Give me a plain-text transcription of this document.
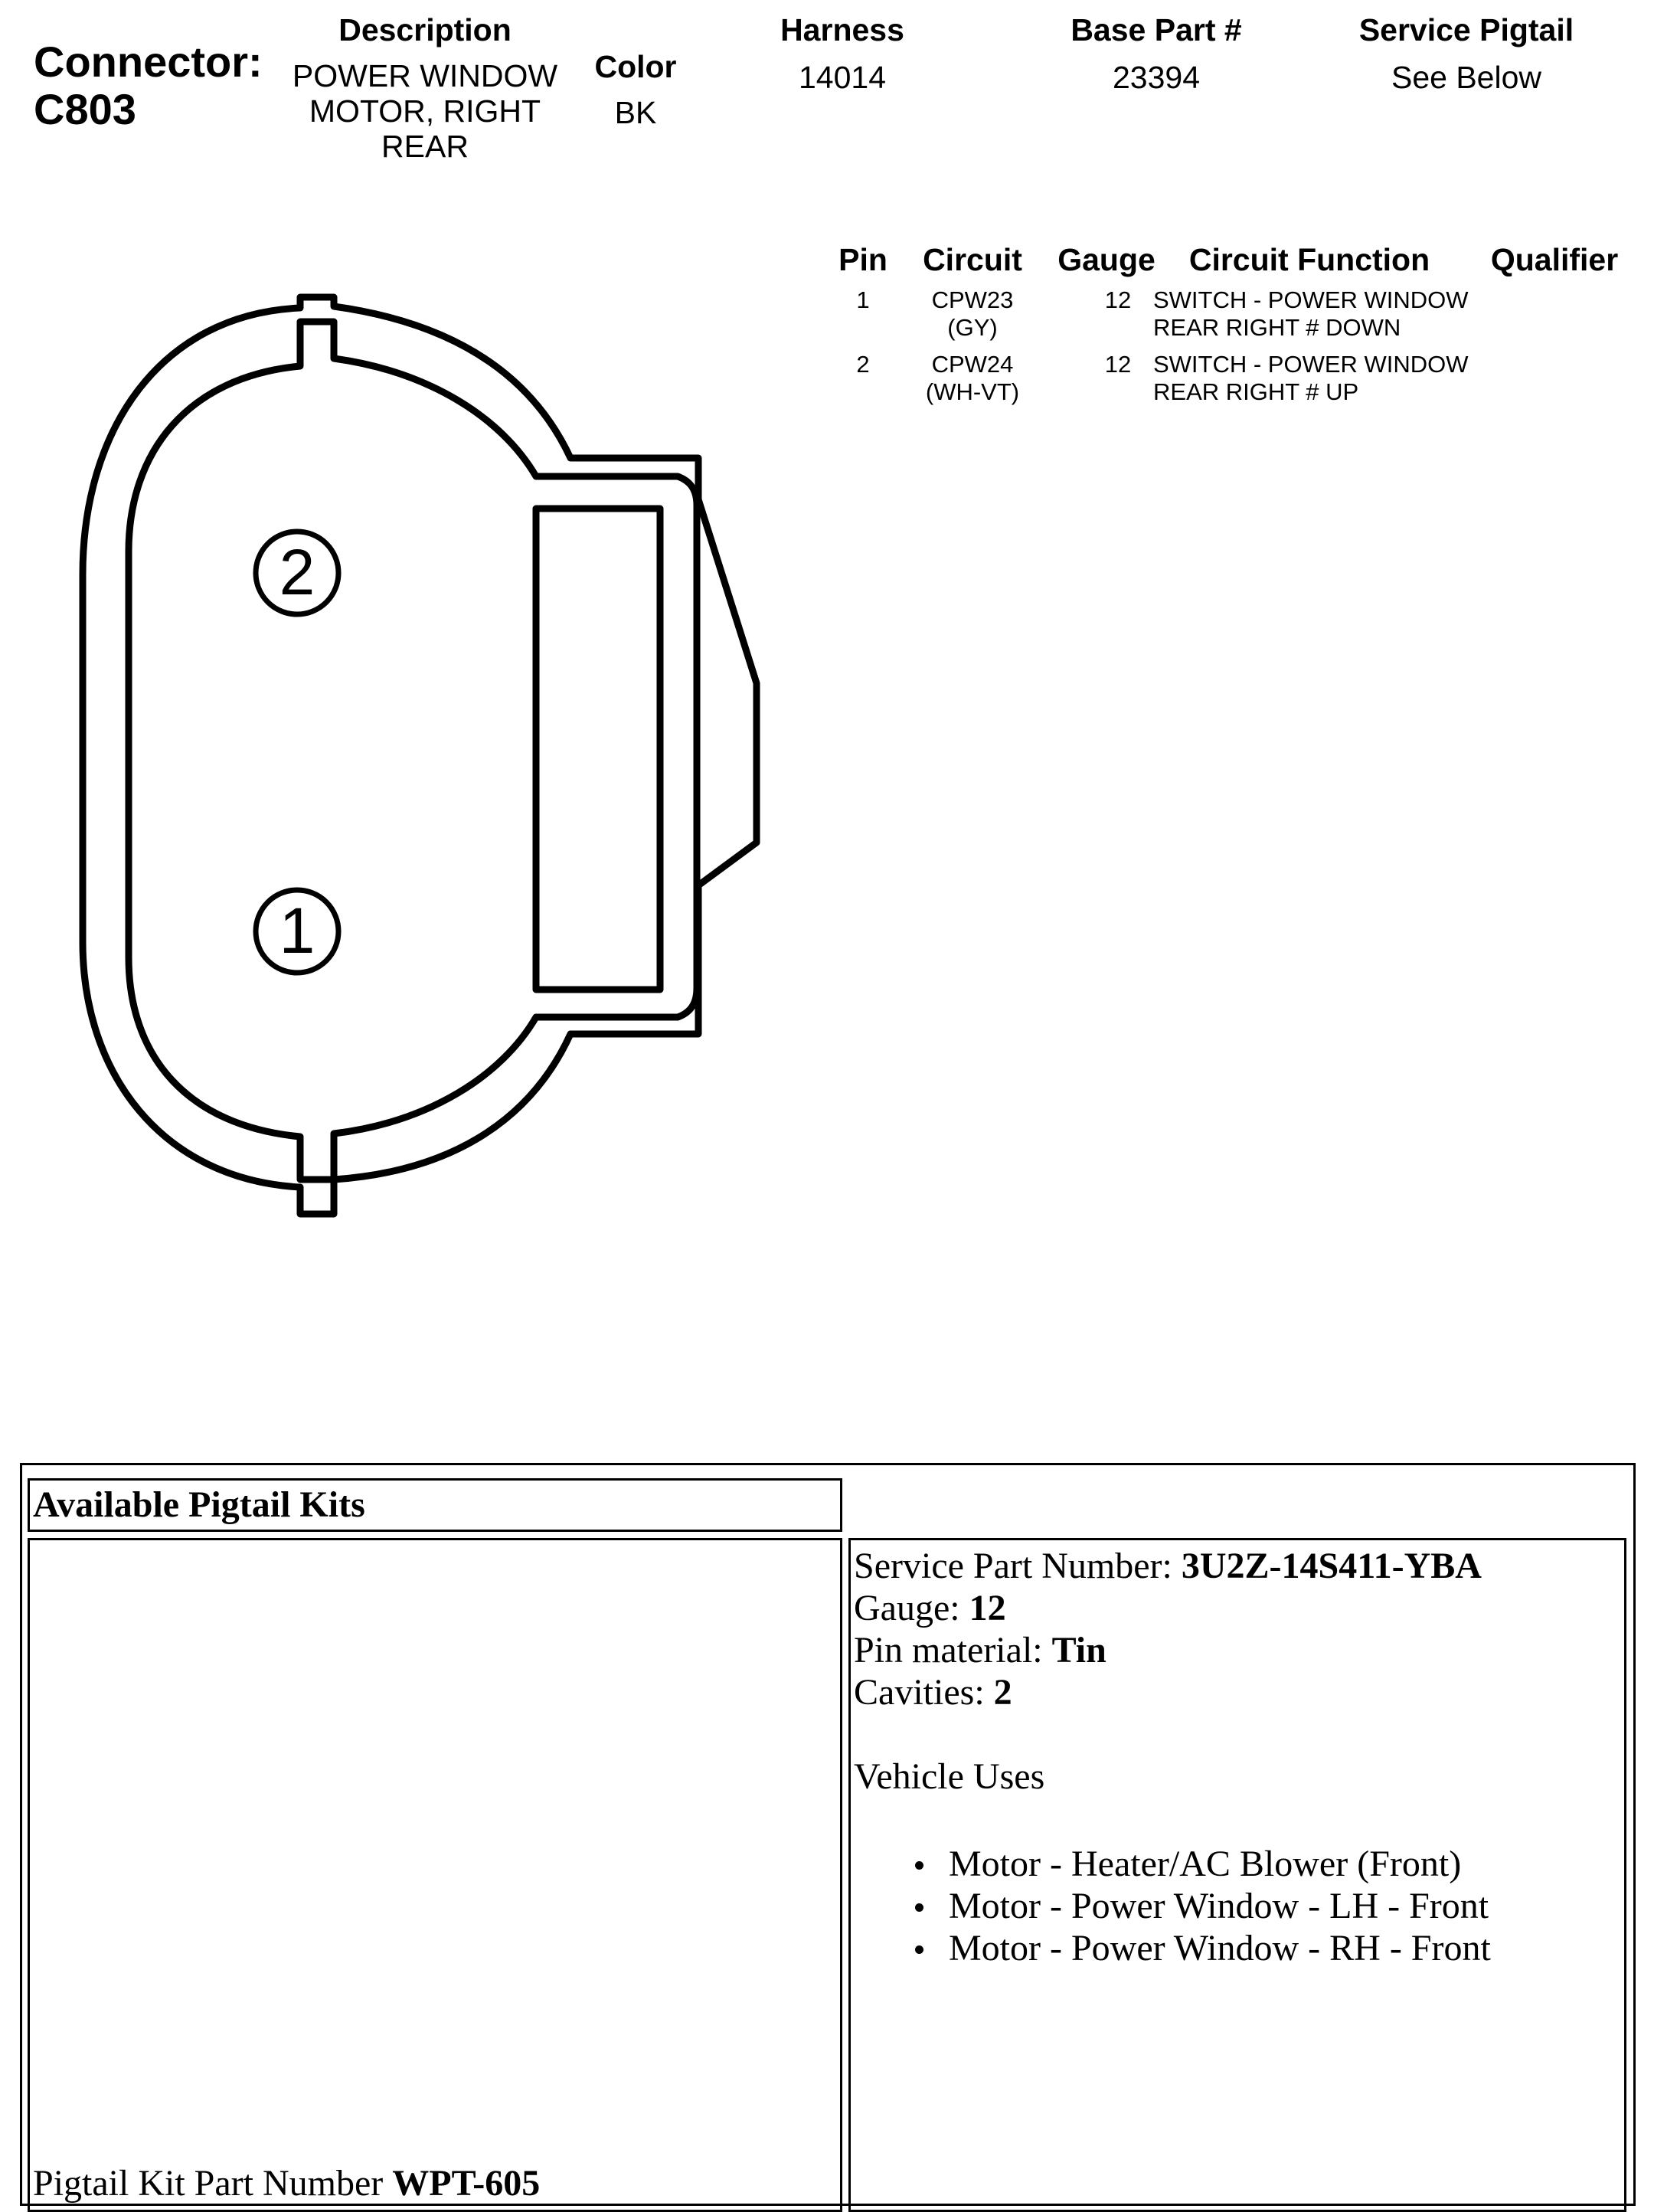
Connector:
C803
Description
POWER WINDOW MOTOR, RIGHT REAR
Color
BK
Harness
14014
Base Part #
23394
Service Pigtail
See Below
Pin	Circuit	Gauge	Circuit Function	Qualifier
1	CPW23
(GY)
12 SWITCH - POWER WINDOW
REAR RIGHT # DOWN
2	CPW24
(WH-VT)
12 SWITCH - POWER WINDOW
REAR RIGHT # UP
2
1
Available Pigtail Kits
Pigtail Kit Part Number WPT-605
Service Part Number: 3U2Z-14S411-YBA
Gauge: 12
Pin material: Tin
Cavities: 2
Vehicle Uses
Motor - Heater/AC Blower (Front)
Motor - Power Window - LH - Front
Motor - Power Window - RH - Front
